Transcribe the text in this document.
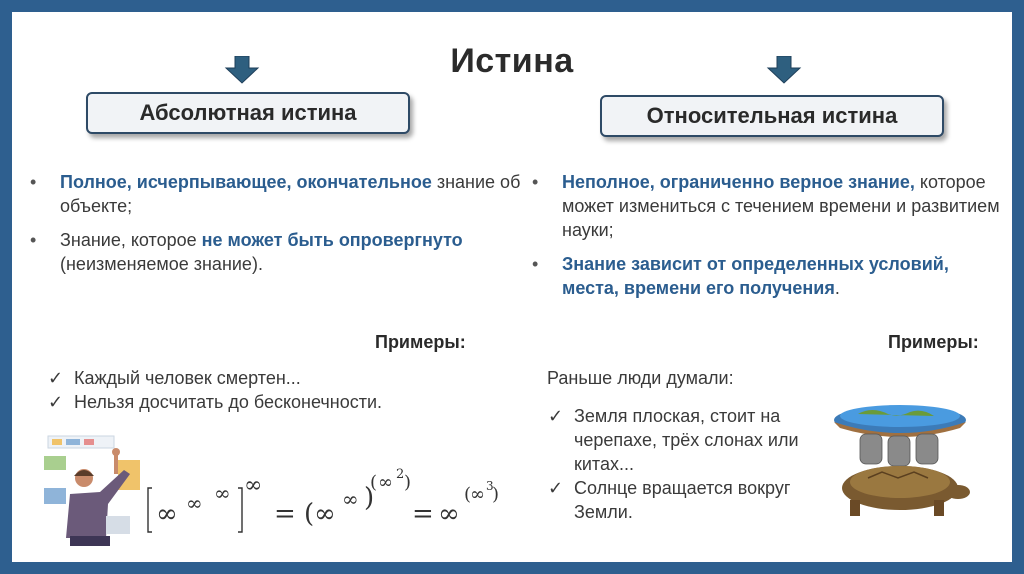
Истина
Абсолютная истина	Относительная истина
• Полное, исчерпывающее, окончательное знание об объекте;
• Знание, которое не может быть опровергнуто (неизменяемое знание).
• Неполное, ограниченно верное знание, которое может измениться с течением времени и развитием науки;
• Знание зависит от определенных условий, места, времени его получения.
Примеры:	Примеры:
✓ Каждый человек смертен...
✓ Нельзя досчитать до бесконечности.
Раньше люди думали:
✓ Земля плоская, стоит на черепахе, трёх слонах или китах...
✓ Солнце вращается вокруг Земли.
∞ ∞ ∞ ∞
= ( ∞ ∞ )
( ∞ 2 )
= ∞
(
∞ 3
)
